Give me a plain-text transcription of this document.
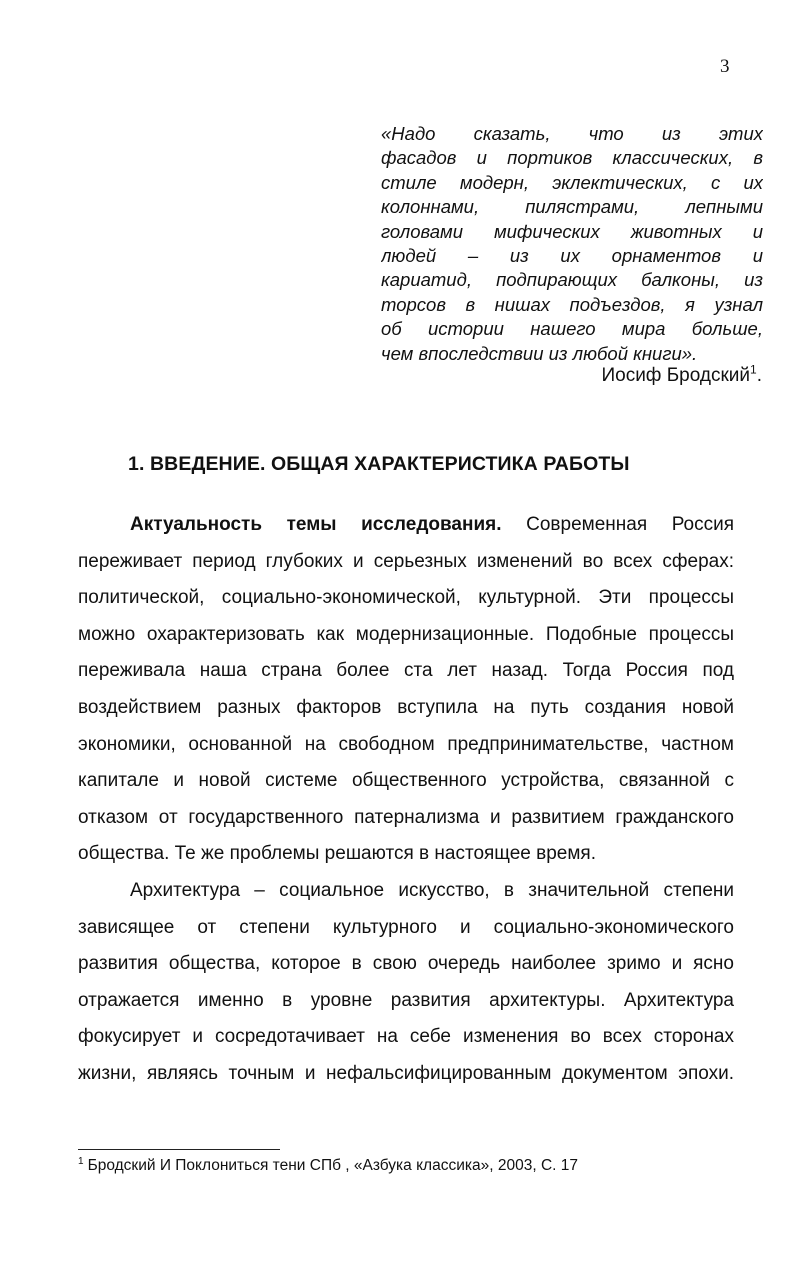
3
«Надо сказать, что из этих
фасадов и портиков классических, в
стиле модерн, эклектических, с их
колоннами, пилястрами, лепными
головами мифических животных и
людей – из их орнаментов и
кариатид, подпирающих балконы, из
торсов в нишах подъездов, я узнал
об истории нашего мира больше,
чем впоследствии из любой книги».
Иосиф Бродский$^1$.
1. ВВЕДЕНИЕ. ОБЩАЯ ХАРАКТЕРИСТИКА РАБОТЫ
Актуальность темы исследования. Современная Россия
переживает период глубоких и серьезных изменений во всех сферах:
политической, социально-экономической, культурной. Эти процессы
можно охарактеризовать как модернизационные. Подобные процессы
переживала наша страна более ста лет назад. Тогда Россия под
воздействием разных факторов вступила на путь создания новой
экономики, основанной на свободном предпринимательстве, частном
капитале и новой системе общественного устройства, связанной с
отказом от государственного патернализма и развитием гражданского
общества. Те же проблемы решаются в настоящее время.
Архитектура – социальное искусство, в значительной степени
зависящее от степени культурного и социально-экономического
развития общества, которое в свою очередь наиболее зримо и ясно
отражается именно в уровне развития архитектуры. Архитектура
фокусирует и сосредотачивает на себе изменения во всех сторонах
жизни, являясь точным и нефальсифицированным документом эпохи.
$^1$ Бродский И Поклониться тени СПб , «Азбука классика», 2003, С. 17
